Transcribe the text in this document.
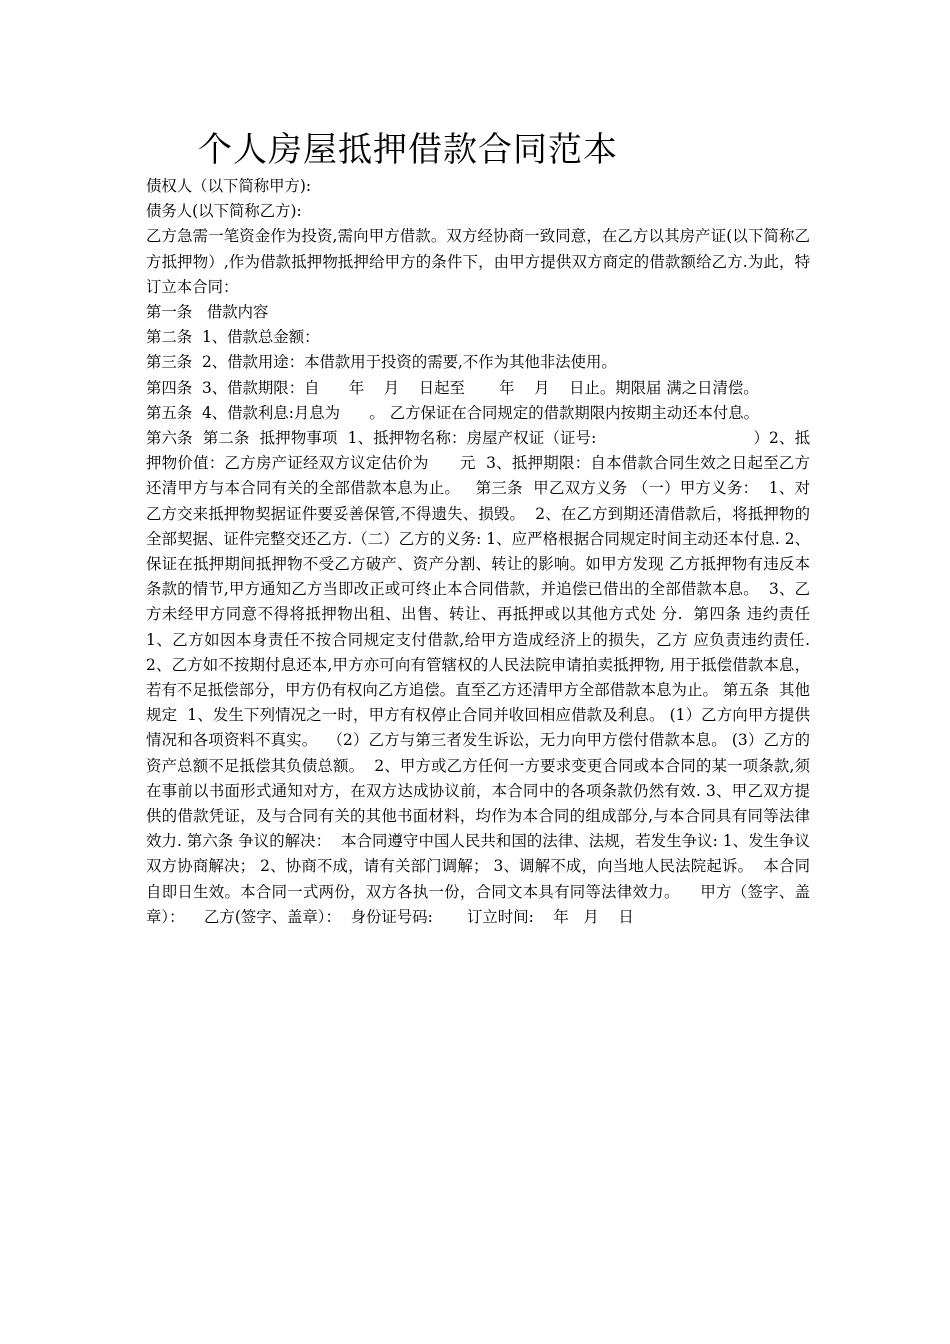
个人房屋抵押借款合同范本

债权人（以下简称甲方):

债务人(以下简称乙方):

乙方急需一笔资金作为投资,需向甲方借款。双方经协商一致同意，在乙方以其房产证(以下简称乙方抵押物）,作为借款抵押物抵押给甲方的条件下，由甲方提供双方商定的借款额给乙方.为此，特订立本合同：

第一条   借款内容

第二条  1、借款总金额：

第三条  2、借款用途：本借款用于投资的需要,不作为其他非法使用。

第四条  3、借款期限：自      年    月    日起至       年    月    日止。期限届 满之日清偿。

第五条  4、借款利息:月息为      。 乙方保证在合同规定的借款期限内按期主动还本付息。

第六条  第二条  抵押物事项  1、抵押物名称：房屋产权证（证号:                               ）2、抵押物价值：乙方房产证经双方议定估价为      元  3、抵押期限：自本借款合同生效之日起至乙方还清甲方与本合同有关的全部借款本息为止。   第三条  甲乙双方义务 （一）甲方义务：  1、对乙方交来抵押物契据证件要妥善保管,不得遗失、损毁。  2、在乙方到期还清借款后，将抵押物的全部契据、证件完整交还乙方.（二）乙方的义务: 1、应严格根据合同规定时间主动还本付息. 2、保证在抵押期间抵押物不受乙方破产、资产分割、转让的影响。如甲方发现 乙方抵押物有违反本条款的情节,甲方通知乙方当即改正或可终止本合同借款，并追偿已借出的全部借款本息。  3、乙方未经甲方同意不得将抵押物出租、出售、转让、再抵押或以其他方式处 分.  第四条 违约责任  1、乙方如因本身责任不按合同规定支付借款,给甲方造成经济上的损失，乙方 应负责违约责任. 2、乙方如不按期付息还本,甲方亦可向有管辖权的人民法院申请拍卖抵押物, 用于抵偿借款本息，若有不足抵偿部分，甲方仍有权向乙方追偿。直至乙方还清甲方全部借款本息为止。 第五条  其他规定  1、发生下列情况之一时，甲方有权停止合同并收回相应借款及利息。 (1）乙方向甲方提供情况和各项资料不真实。  （2）乙方与第三者发生诉讼，无力向甲方偿付借款本息。 (3）乙方的资产总额不足抵偿其负债总额。  2、甲方或乙方任何一方要求变更合同或本合同的某一项条款,须在事前以书面形式通知对方，在双方达成协议前，本合同中的各项条款仍然有效. 3、甲乙双方提供的借款凭证，及与合同有关的其他书面材料，均作为本合同的组成部分,与本合同具有同等法律效力. 第六条 争议的解决：  本合同遵守中国人民共和国的法律、法规，若发生争议: 1、发生争议双方协商解决； 2、协商不成，请有关部门调解； 3、调解不成，向当地人民法院起诉。  本合同自即日生效。本合同一式两份，双方各执一份，合同文本具有同等法律效力。    甲方（签字、盖章）：    乙方(签字、盖章）：  身份证号码:       订立时间:    年   月    日
